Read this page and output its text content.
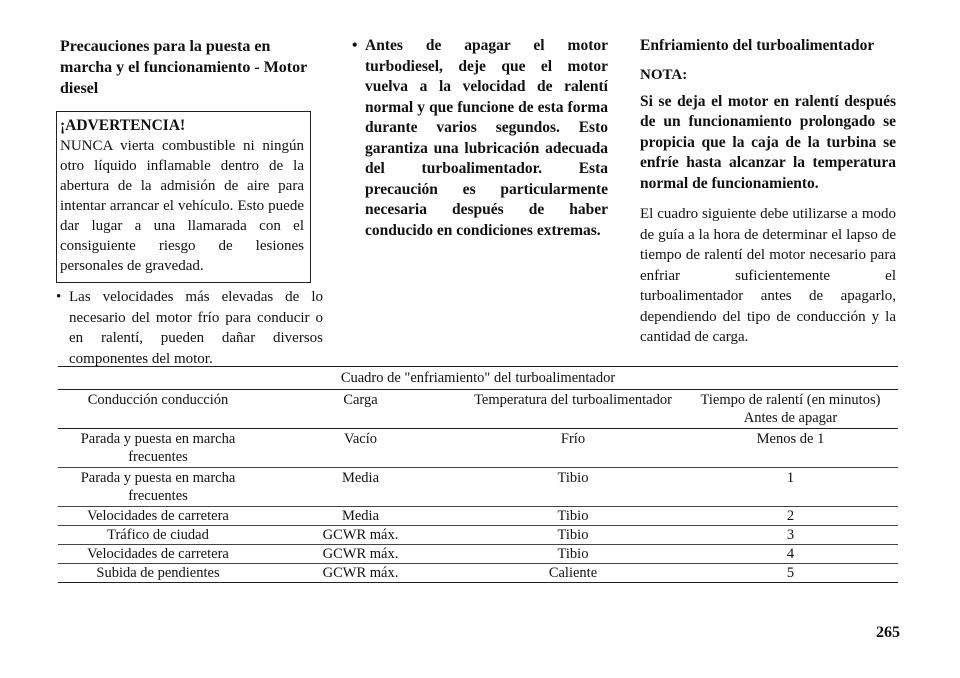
Precauciones para la puesta en marcha y el funcionamiento - Motor diesel
¡ADVERTENCIA!
NUNCA vierta combustible ni ningún otro líquido inflamable dentro de la abertura de la admisión de aire para intentar arrancar el vehículo. Esto puede dar lugar a una llamarada con el consiguiente riesgo de lesiones personales de gravedad.
• Las velocidades más elevadas de lo necesario del motor frío para conducir o en ralentí, pueden dañar diversos componentes del motor.
• Antes de apagar el motor turbodiesel, deje que el motor vuelva a la velocidad de ralentí normal y que funcione de esta forma durante varios segundos. Esto garantiza una lubricación adecuada del turboalimentador. Esta precaución es particularmente necesaria después de haber conducido en condiciones extremas.
Enfriamiento del turboalimentador
NOTA:
Si se deja el motor en ralentí después de un funcionamiento prolongado se propicia que la caja de la turbina se enfríe hasta alcanzar la temperatura normal de funcionamiento.
El cuadro siguiente debe utilizarse a modo de guía a la hora de determinar el lapso de tiempo de ralentí del motor necesario para enfriar suficientemente el turboalimentador antes de apagarlo, dependiendo del tipo de conducción y la cantidad de carga.
Cuadro de "enfriamiento" del turboalimentador			
Conducción conducción	Carga	Temperatura del turboalimentador	Tiempo de ralentí (en minutos) Antes de apagar
Parada y puesta en marcha frecuentes	Vacío	Frío	Menos de 1
Parada y puesta en marcha frecuentes	Media	Tibio	1
Velocidades de carretera	Media	Tibio	2
Tráfico de ciudad	GCWR máx.	Tibio	3
Velocidades de carretera	GCWR máx.	Tibio	4
Subida de pendientes	GCWR máx.	Caliente	5
265
